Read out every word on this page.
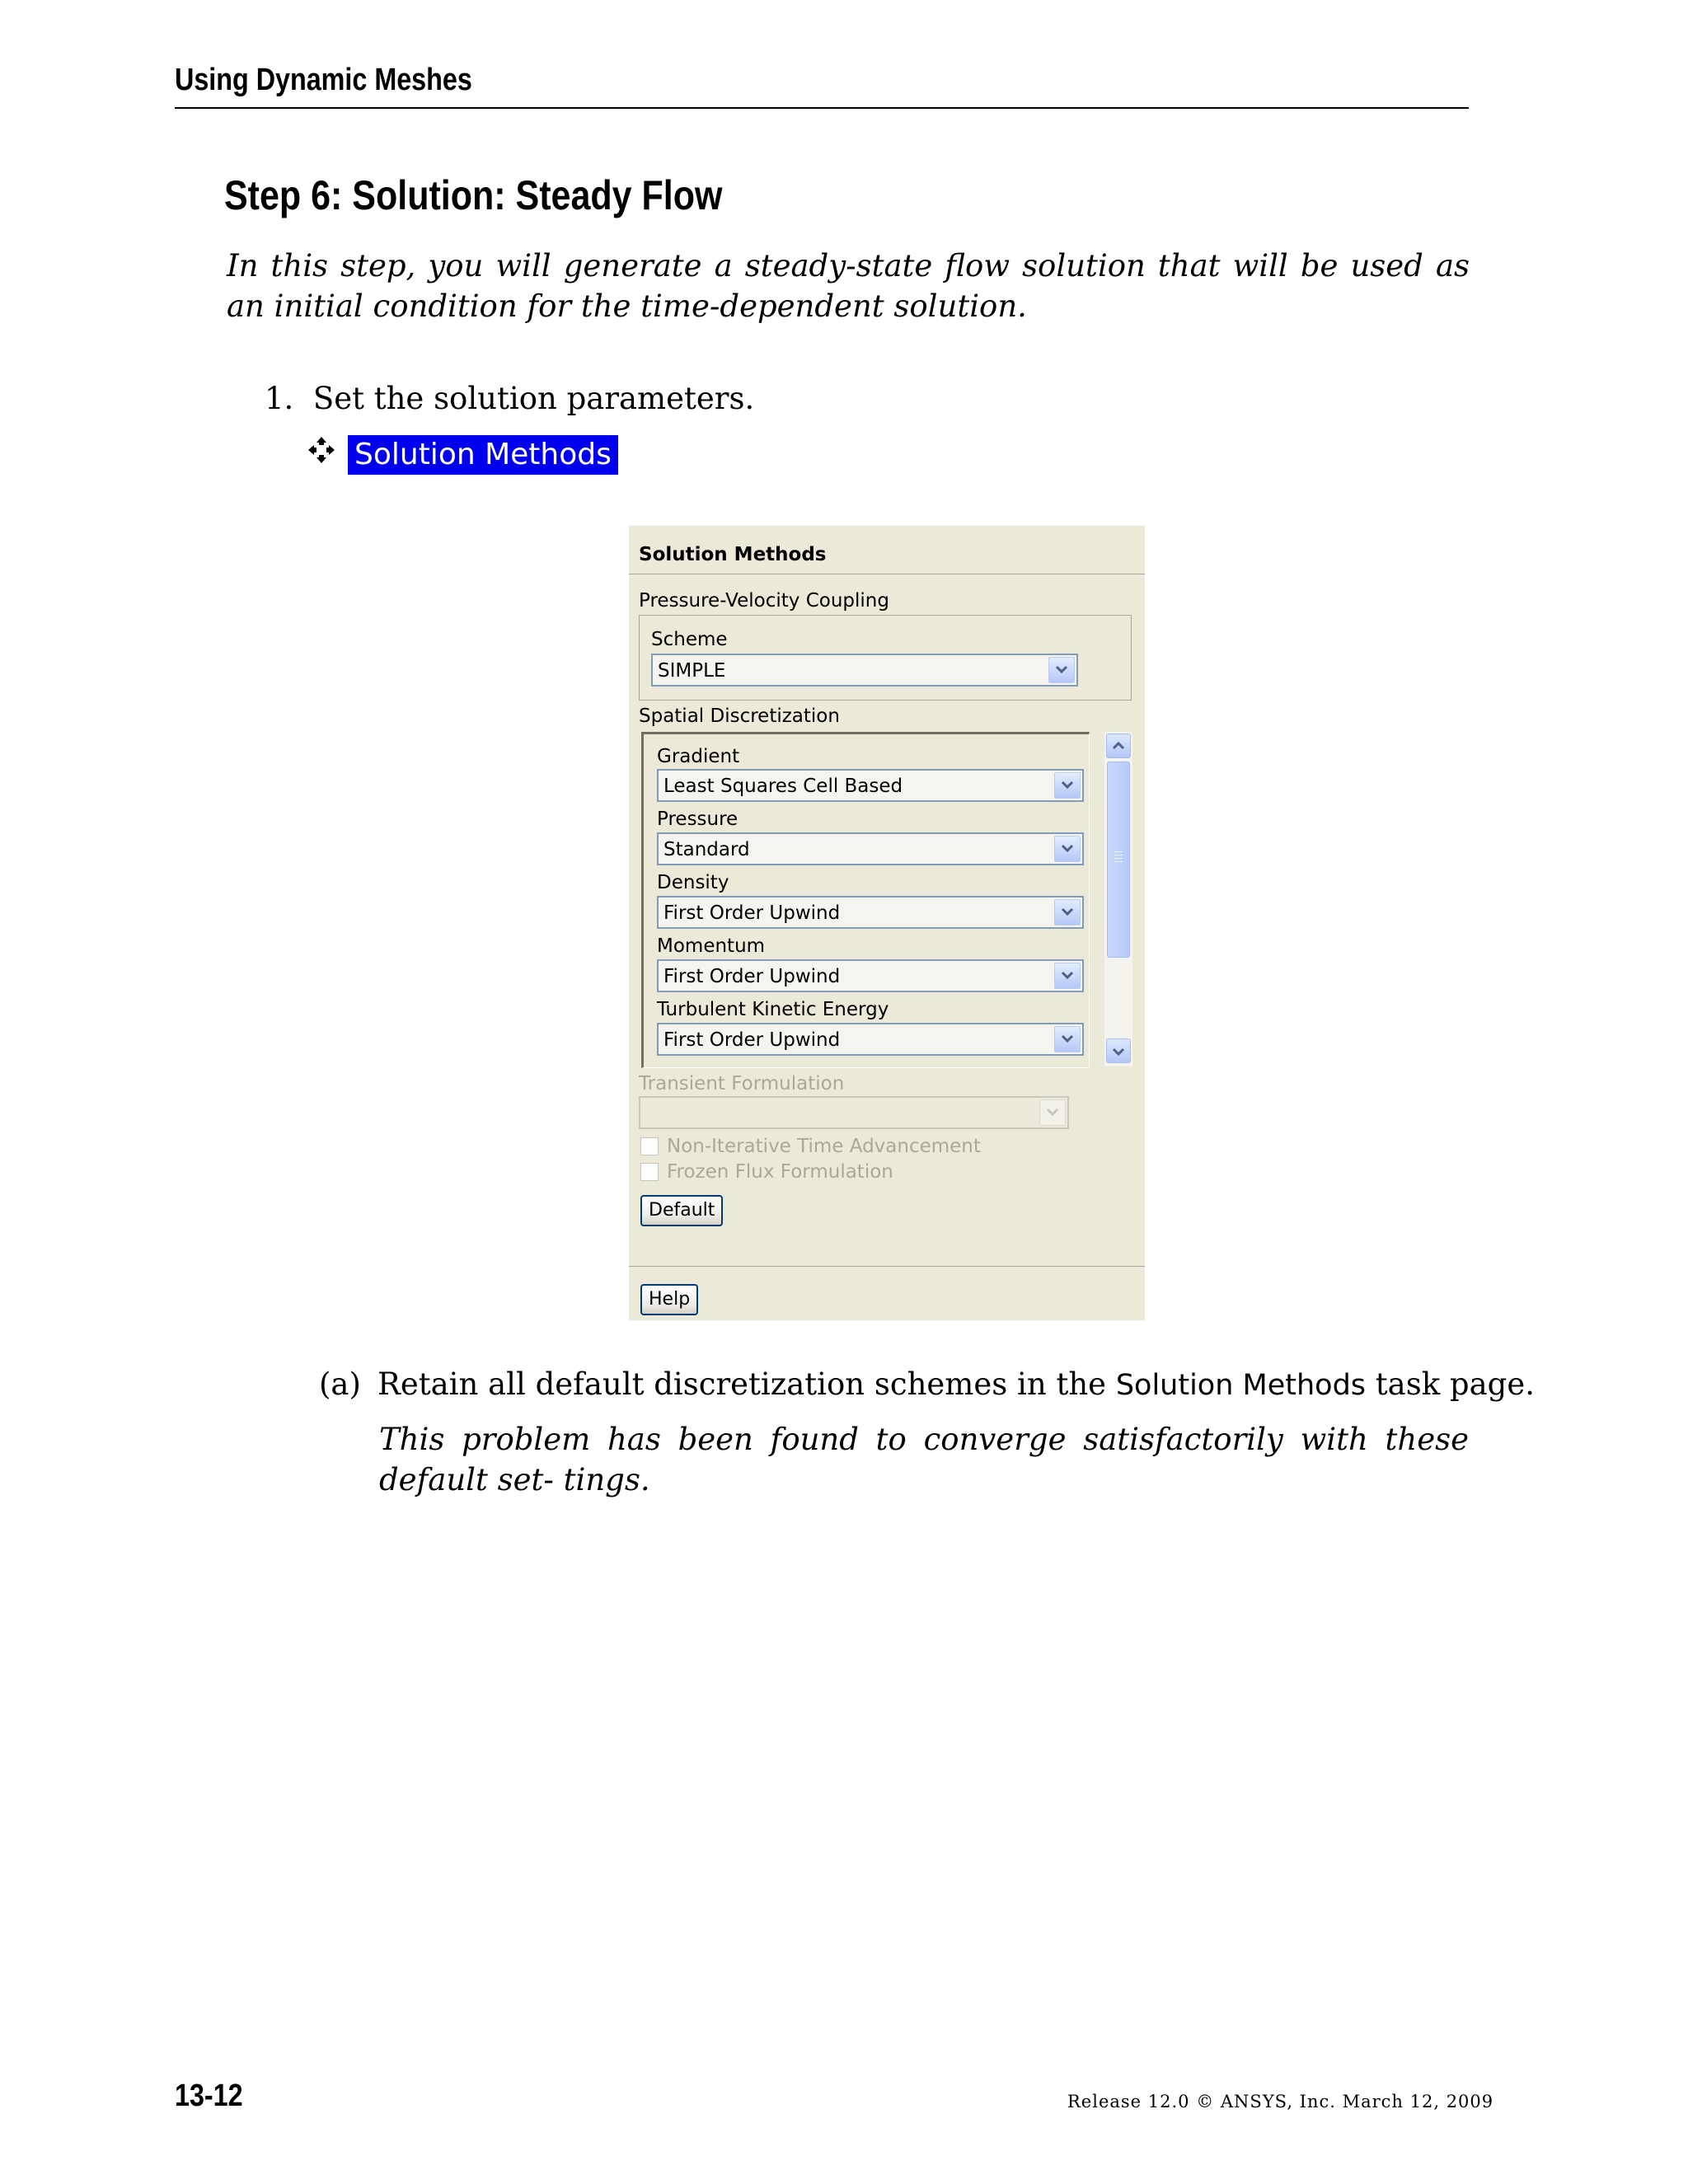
Using Dynamic Meshes
Step 6: Solution: Steady Flow
In this step, you will generate a steady-state flow solution that will be used as an initial condition for the time-dependent solution.
1. Set the solution parameters.
Solution Methods
Solution Methods
Pressure-Velocity Coupling
Scheme
SIMPLE
Spatial Discretization
Gradient
Least Squares Cell Based
Pressure
Standard
Density
First Order Upwind
Momentum
First Order Upwind
Turbulent Kinetic Energy
First Order Upwind
Transient Formulation
Non-Iterative Time Advancement
Frozen Flux Formulation
Default
Help
(a) Retain all default discretization schemes in the Solution Methods task page.
This problem has been found to converge satisfactorily with these default set- tings.
13-12	Release 12.0 © ANSYS, Inc. March 12, 2009
